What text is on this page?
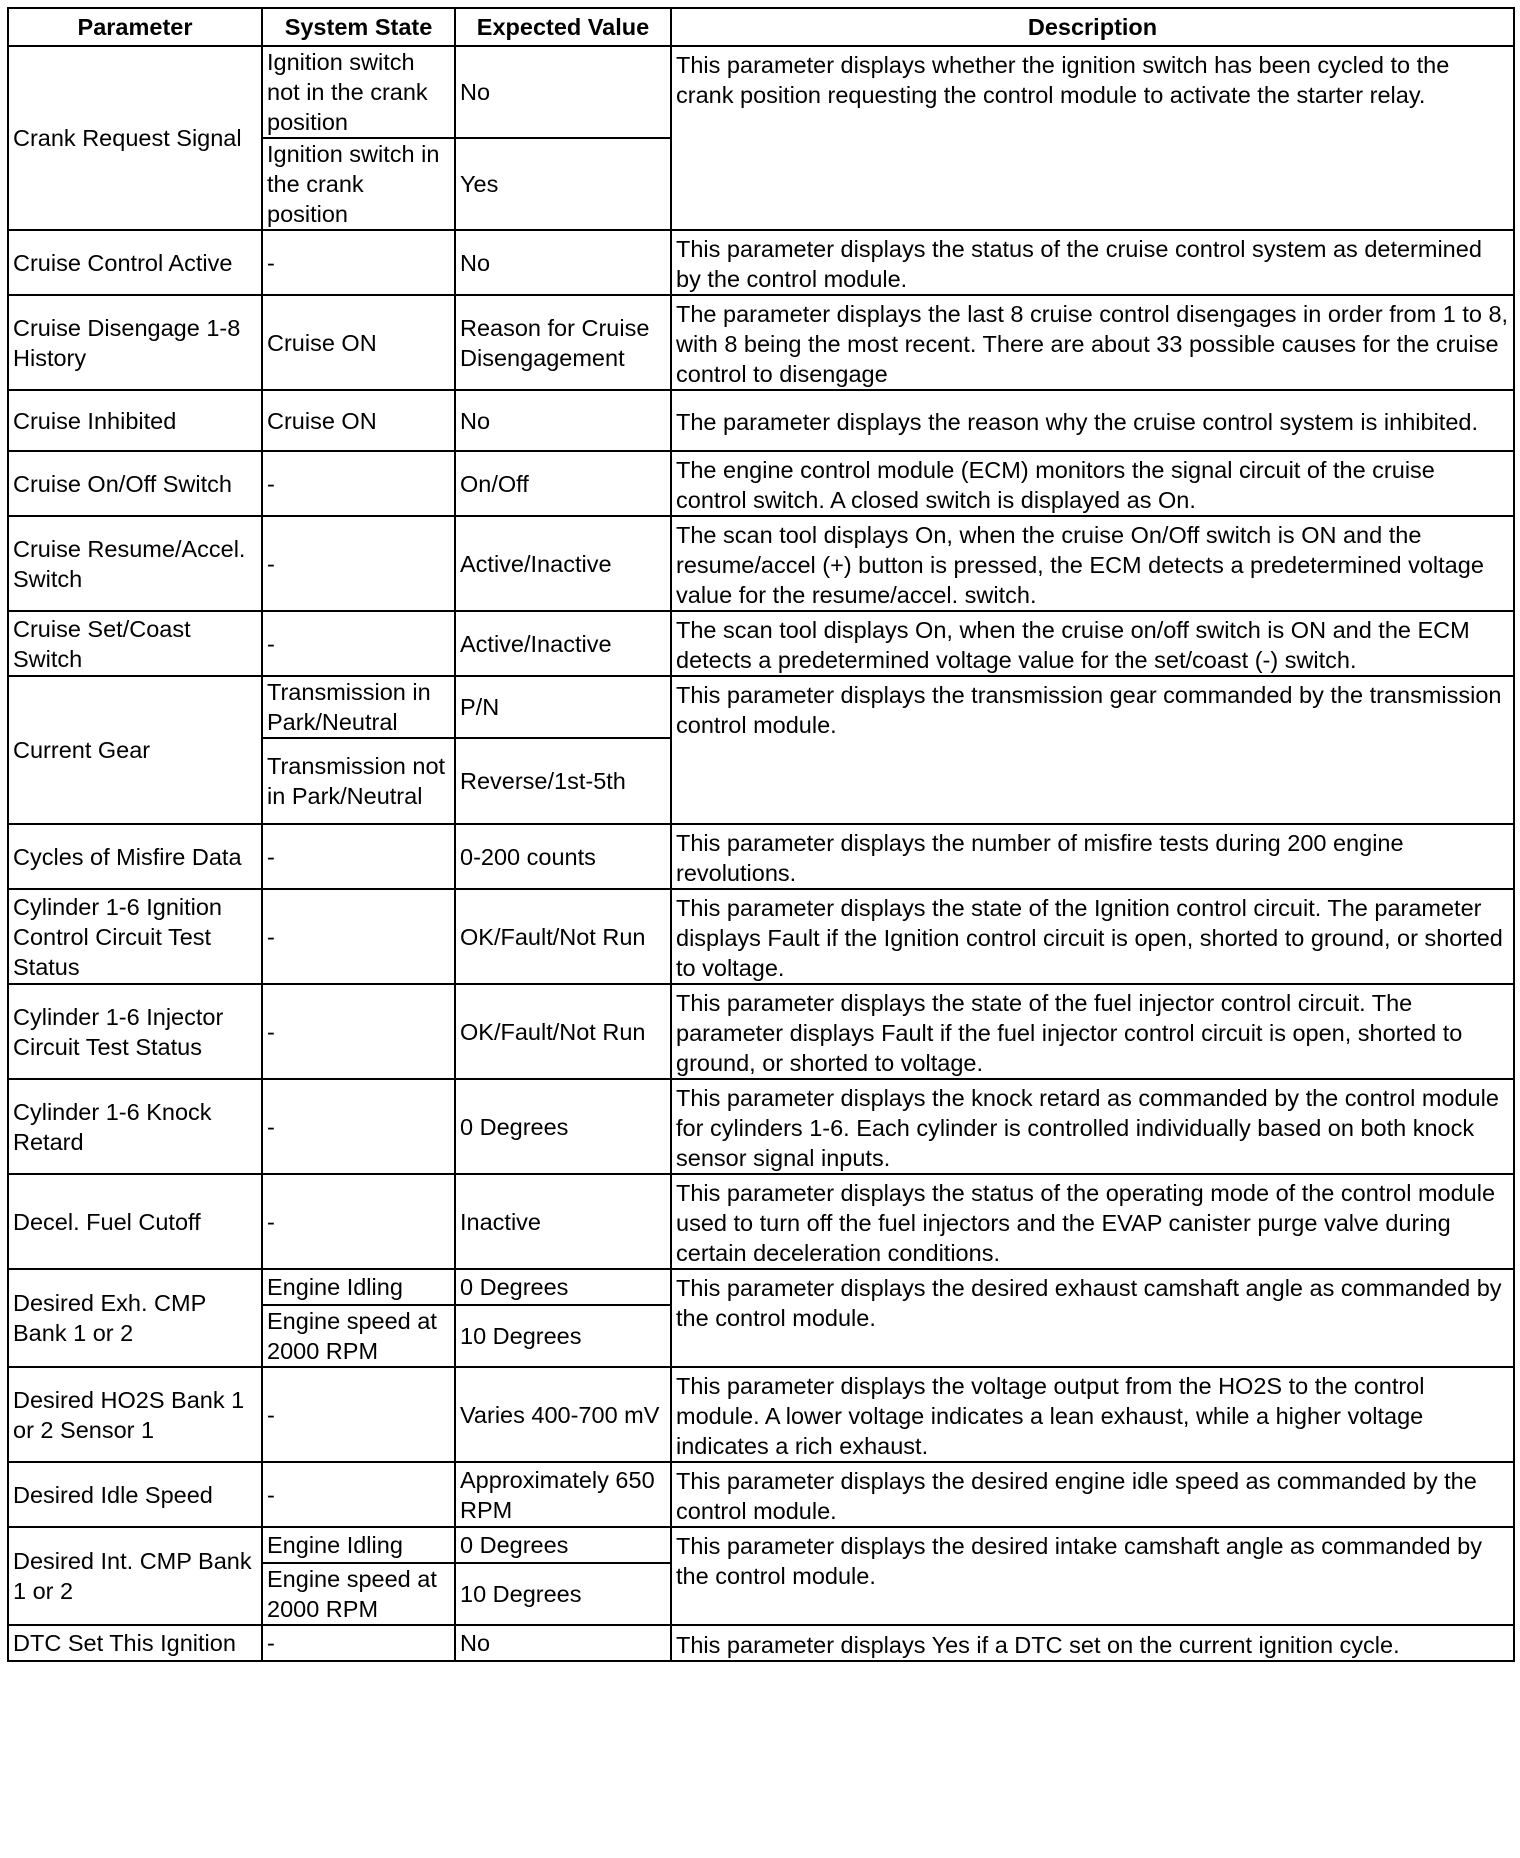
Parameter	System State	Expected Value	Description
Crank Request Signal	Ignition switch not in the crank position	No	This parameter displays whether the ignition switch has been cycled to the crank position requesting the control module to activate the starter relay.
	Ignition switch in the crank position	Yes	
Cruise Control Active	-	No	This parameter displays the status of the cruise control system as determined by the control module.
Cruise Disengage 1-8 History	Cruise ON	Reason for Cruise Disengagement	The parameter displays the last 8 cruise control disengages in order from 1 to 8, with 8 being the most recent. There are about 33 possible causes for the cruise control to disengage
Cruise Inhibited	Cruise ON	No	The parameter displays the reason why the cruise control system is inhibited.
Cruise On/Off Switch	-	On/Off	The engine control module (ECM) monitors the signal circuit of the cruise control switch. A closed switch is displayed as On.
Cruise Resume/Accel. Switch	-	Active/Inactive	The scan tool displays On, when the cruise On/Off switch is ON and the resume/accel (+) button is pressed, the ECM detects a predetermined voltage value for the resume/accel. switch.
Cruise Set/Coast Switch	-	Active/Inactive	The scan tool displays On, when the cruise on/off switch is ON and the ECM detects a predetermined voltage value for the set/coast (-) switch.
Current Gear	Transmission in Park/Neutral	P/N	This parameter displays the transmission gear commanded by the transmission control module.
	Transmission not in Park/Neutral	Reverse/1st-5th	
Cycles of Misfire Data	-	0-200 counts	This parameter displays the number of misfire tests during 200 engine revolutions.
Cylinder 1-6 Ignition Control Circuit Test Status	-	OK/Fault/Not Run	This parameter displays the state of the Ignition control circuit. The parameter displays Fault if the Ignition control circuit is open, shorted to ground, or shorted to voltage.
Cylinder 1-6 Injector Circuit Test Status	-	OK/Fault/Not Run	This parameter displays the state of the fuel injector control circuit. The parameter displays Fault if the fuel injector control circuit is open, shorted to ground, or shorted to voltage.
Cylinder 1-6 Knock Retard	-	0 Degrees	This parameter displays the knock retard as commanded by the control module for cylinders 1-6. Each cylinder is controlled individually based on both knock sensor signal inputs.
Decel. Fuel Cutoff	-	Inactive	This parameter displays the status of the operating mode of the control module used to turn off the fuel injectors and the EVAP canister purge valve during certain deceleration conditions.
Desired Exh. CMP Bank 1 or 2	Engine Idling	0 Degrees	This parameter displays the desired exhaust camshaft angle as commanded by the control module.
	Engine speed at 2000 RPM	10 Degrees	
Desired HO2S Bank 1 or 2 Sensor 1	-	Varies 400-700 mV	This parameter displays the voltage output from the HO2S to the control module. A lower voltage indicates a lean exhaust, while a higher voltage indicates a rich exhaust.
Desired Idle Speed	-	Approximately 650 RPM	This parameter displays the desired engine idle speed as commanded by the control module.
Desired Int. CMP Bank 1 or 2	Engine Idling	0 Degrees	This parameter displays the desired intake camshaft angle as commanded by the control module.
	Engine speed at 2000 RPM	10 Degrees	
DTC Set This Ignition	-	No	This parameter displays Yes if a DTC set on the current ignition cycle.
